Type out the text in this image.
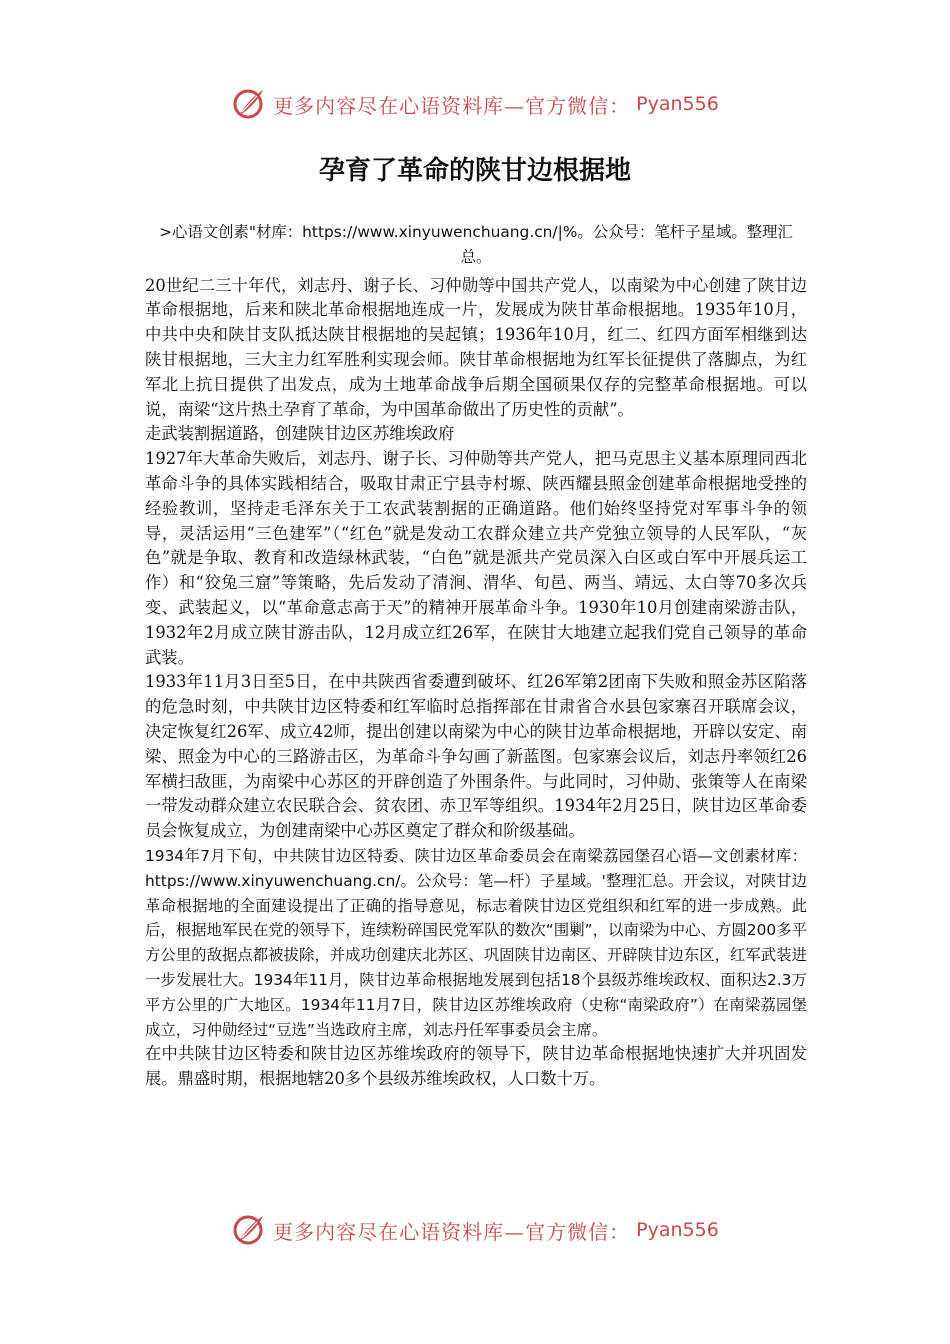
更多内容尽在心语资料库—官方微信： Pyan556
孕育了革命的陕甘边根据地

>心语文创素"材库：https://www.xinyuwenchuang.cn/|%。公众号：笔杆子星域。整理汇总。

20世纪二三十年代，刘志丹、谢子长、习仲勋等中国共产党人，以南梁为中心创建了陕甘边革命根据地，后来和陕北革命根据地连成一片，发展成为陕甘革命根据地。1935年10月，中共中央和陕甘支队抵达陕甘根据地的吴起镇；1936年10月，红二、红四方面军相继到达陕甘根据地，三大主力红军胜利实现会师。陕甘革命根据地为红军长征提供了落脚点，为红军北上抗日提供了出发点，成为土地革命战争后期全国硕果仅存的完整革命根据地。可以说，南梁“这片热土孕育了革命，为中国革命做出了历史性的贡献”。

走武装割据道路，创建陕甘边区苏维埃政府

1927年大革命失败后，刘志丹、谢子长、习仲勋等共产党人，把马克思主义基本原理同西北革命斗争的具体实践相结合，吸取甘肃正宁县寺村塬、陕西耀县照金创建革命根据地受挫的经验教训，坚持走毛泽东关于工农武装割据的正确道路。他们始终坚持党对军事斗争的领导，灵活运用“三色建军”（“红色”就是发动工农群众建立共产党独立领导的人民军队，“灰色”就是争取、教育和改造绿林武装，“白色”就是派共产党员深入白区或白军中开展兵运工作）和“狡兔三窟”等策略，先后发动了清涧、渭华、旬邑、两当、靖远、太白等70多次兵变、武装起义，以“革命意志高于天”的精神开展革命斗争。1930年10月创建南梁游击队，1932年2月成立陕甘游击队，12月成立红26军，在陕甘大地建立起我们党自己领导的革命武装。

1933年11月3日至5日，在中共陕西省委遭到破坏、红26军第2团南下失败和照金苏区陷落的危急时刻，中共陕甘边区特委和红军临时总指挥部在甘肃省合水县包家寨召开联席会议，决定恢复红26军、成立42师，提出创建以南梁为中心的陕甘边革命根据地，开辟以安定、南梁、照金为中心的三路游击区，为革命斗争勾画了新蓝图。包家寨会议后，刘志丹率领红26军横扫敌匪，为南梁中心苏区的开辟创造了外围条件。与此同时，习仲勋、张策等人在南梁一带发动群众建立农民联合会、贫农团、赤卫军等组织。1934年2月25日，陕甘边区革命委员会恢复成立，为创建南梁中心苏区奠定了群众和阶级基础。

1934年7月下旬，中共陕甘边区特委、陕甘边区革命委员会在南梁荔园堡召心语—文创素材库：https://www.xinyuwenchuang.cn/。公众号：笔—杆）子星域。'整理汇总。开会议，对陕甘边革命根据地的全面建设提出了正确的指导意见，标志着陕甘边区党组织和红军的进一步成熟。此后，根据地军民在党的领导下，连续粉碎国民党军队的数次“围剿”，以南梁为中心、方圆200多平方公里的敌据点都被拔除，并成功创建庆北苏区、巩固陕甘边南区、开辟陕甘边东区，红军武装进一步发展壮大。1934年11月，陕甘边革命根据地发展到包括18个县级苏维埃政权、面积达2.3万平方公里的广大地区。1934年11月7日，陕甘边区苏维埃政府（史称“南梁政府”）在南梁荔园堡成立，习仲勋经过“豆选”当选政府主席，刘志丹任军事委员会主席。

在中共陕甘边区特委和陕甘边区苏维埃政府的领导下，陕甘边革命根据地快速扩大并巩固发展。鼎盛时期，根据地辖20多个县级苏维埃政权，人口数十万。

更多内容尽在心语资料库—官方微信： Pyan556
